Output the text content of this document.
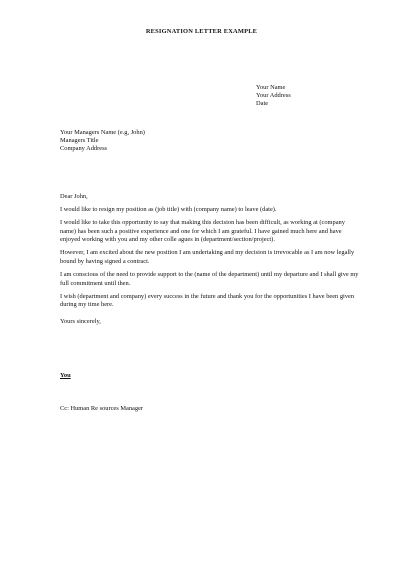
RESIGNATION LETTER EXAMPLE
Your Name
Your Address
Date
Your Managers Name (e.g, John)
Managers Title
Company Address

Dear John,

I would like to resign my position as (job title) with (company name) to leave (date).

I would like to take this opportunity to say that making this decision has been difficult, as working at (company name) has been such a positive experience and one for which I am grateful. I have gained much here and have enjoyed working with you and my other colle agues in (department/section/project).

However, I am excited about the new position I am undertaking and my decision is irrevocable as I am now legally bound by having signed a contract.

I am conscious of the need to provide support to the (name of the department) until my departure and I shall give my full commitment until then.

I wish (department and company) every success in the future and thank you for the opportunities I have been given during my time here.

Yours sincerely,

You
Cc: Human Re sources Manager
